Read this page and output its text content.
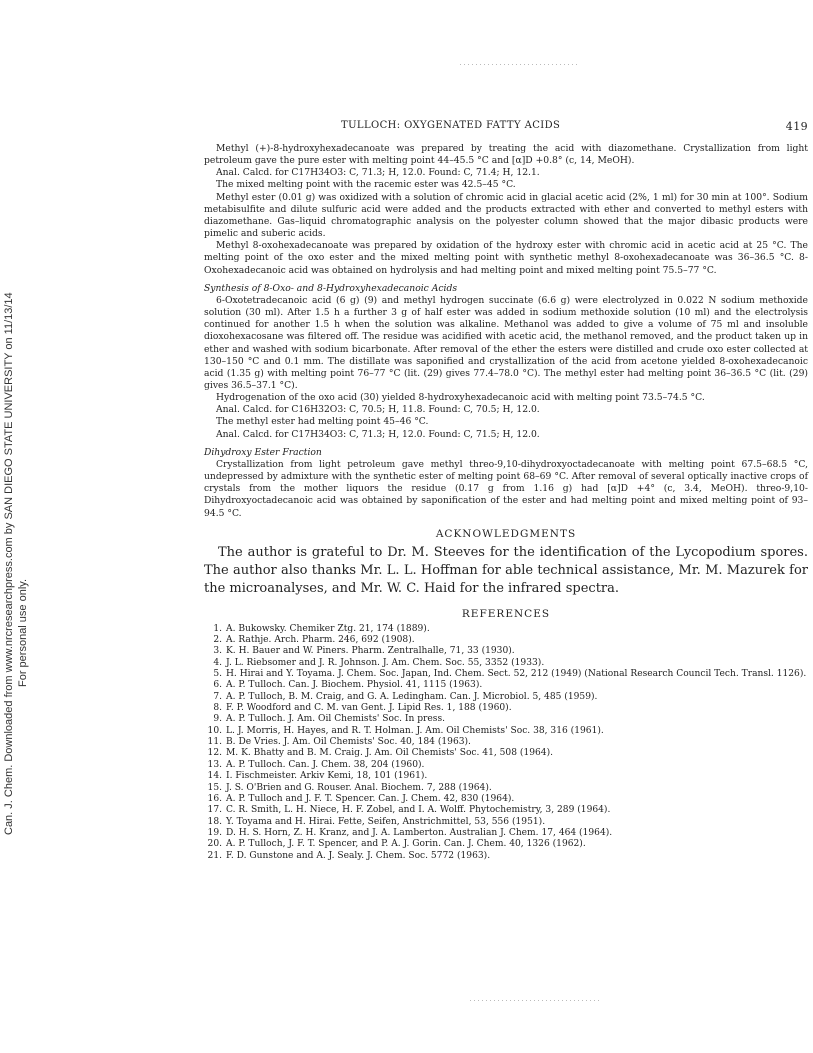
Can. J. Chem. Downloaded from www.nrcresearchpress.com by SAN DIEGO STATE UNIVERSITY on 11/13/14 For personal use only.
TULLOCH: OXYGENATED FATTY ACIDS	419

Methyl (+)-8-hydroxyhexadecanoate was prepared by treating the acid with diazomethane. Crystallization from light petroleum gave the pure ester with melting point 44–45.5 °C and [α]D +0.8° (c, 14, MeOH).

Anal. Calcd. for C17H34O3: C, 71.3; H, 12.0. Found: C, 71.4; H, 12.1.

The mixed melting point with the racemic ester was 42.5–45 °C.

Methyl ester (0.01 g) was oxidized with a solution of chromic acid in glacial acetic acid (2%, 1 ml) for 30 min at 100°. Sodium metabisulfite and dilute sulfuric acid were added and the products extracted with ether and converted to methyl esters with diazomethane. Gas–liquid chromatographic analysis on the polyester column showed that the major dibasic products were pimelic and suberic acids.

Methyl 8-oxohexadecanoate was prepared by oxidation of the hydroxy ester with chromic acid in acetic acid at 25 °C. The melting point of the oxo ester and the mixed melting point with synthetic methyl 8-oxohexadecanoate was 36–36.5 °C. 8-Oxohexadecanoic acid was obtained on hydrolysis and had melting point and mixed melting point 75.5–77 °C.

Synthesis of 8-Oxo- and 8-Hydroxyhexadecanoic Acids

6-Oxotetradecanoic acid (6 g) (9) and methyl hydrogen succinate (6.6 g) were electrolyzed in 0.022 N sodium methoxide solution (30 ml). After 1.5 h a further 3 g of half ester was added in sodium methoxide solution (10 ml) and the electrolysis continued for another 1.5 h when the solution was alkaline. Methanol was added to give a volume of 75 ml and insoluble dioxohexacosane was filtered off. The residue was acidified with acetic acid, the methanol removed, and the product taken up in ether and washed with sodium bicarbonate. After removal of the ether the esters were distilled and crude oxo ester collected at 130–150 °C and 0.1 mm. The distillate was saponified and crystallization of the acid from acetone yielded 8-oxohexadecanoic acid (1.35 g) with melting point 76–77 °C (lit. (29) gives 77.4–78.0 °C). The methyl ester had melting point 36–36.5 °C (lit. (29) gives 36.5–37.1 °C).

Hydrogenation of the oxo acid (30) yielded 8-hydroxyhexadecanoic acid with melting point 73.5–74.5 °C.

Anal. Calcd. for C16H32O3: C, 70.5; H, 11.8. Found: C, 70.5; H, 12.0.

The methyl ester had melting point 45–46 °C.

Anal. Calcd. for C17H34O3: C, 71.3; H, 12.0. Found: C, 71.5; H, 12.0.

Dihydroxy Ester Fraction

Crystallization from light petroleum gave methyl threo-9,10-dihydroxyoctadecanoate with melting point 67.5–68.5 °C, undepressed by admixture with the synthetic ester of melting point 68–69 °C. After removal of several optically inactive crops of crystals from the mother liquors the residue (0.17 g from 1.16 g) had [α]D +4° (c, 3.4, MeOH). threo-9,10-Dihydroxyoctadecanoic acid was obtained by saponification of the ester and had melting point and mixed melting point of 93–94.5 °C.

ACKNOWLEDGMENTS
The author is grateful to Dr. M. Steeves for the identification of the Lycopodium spores. The author also thanks Mr. L. L. Hoffman for able technical assistance, Mr. M. Mazurek for the microanalyses, and Mr. W. C. Haid for the infrared spectra.
REFERENCES
1. A. Bukowsky. Chemiker Ztg. 21, 174 (1889).
2. A. Rathje. Arch. Pharm. 246, 692 (1908).
3. K. H. Bauer and W. Piners. Pharm. Zentralhalle, 71, 33 (1930).
4. J. L. Riebsomer and J. R. Johnson. J. Am. Chem. Soc. 55, 3352 (1933).
5. H. Hirai and Y. Toyama. J. Chem. Soc. Japan, Ind. Chem. Sect. 52, 212 (1949) (National Research Council Tech. Transl. 1126).
6. A. P. Tulloch. Can. J. Biochem. Physiol. 41, 1115 (1963).
7. A. P. Tulloch, B. M. Craig, and G. A. Ledingham. Can. J. Microbiol. 5, 485 (1959).
8. F. P. Woodford and C. M. van Gent. J. Lipid Res. 1, 188 (1960).
9. A. P. Tulloch. J. Am. Oil Chemists' Soc. In press.
10. L. J. Morris, H. Hayes, and R. T. Holman. J. Am. Oil Chemists' Soc. 38, 316 (1961).
11. B. De Vries. J. Am. Oil Chemists' Soc. 40, 184 (1963).
12. M. K. Bhatty and B. M. Craig. J. Am. Oil Chemists' Soc. 41, 508 (1964).
13. A. P. Tulloch. Can. J. Chem. 38, 204 (1960).
14. I. Fischmeister. Arkiv Kemi, 18, 101 (1961).
15. J. S. O'Brien and G. Rouser. Anal. Biochem. 7, 288 (1964).
16. A. P. Tulloch and J. F. T. Spencer. Can. J. Chem. 42, 830 (1964).
17. C. R. Smith, L. H. Niece, H. F. Zobel, and I. A. Wolff. Phytochemistry, 3, 289 (1964).
18. Y. Toyama and H. Hirai. Fette, Seifen, Anstrichmittel, 53, 556 (1951).
19. D. H. S. Horn, Z. H. Kranz, and J. A. Lamberton. Australian J. Chem. 17, 464 (1964).
20. A. P. Tulloch, J. F. T. Spencer, and P. A. J. Gorin. Can. J. Chem. 40, 1326 (1962).
21. F. D. Gunstone and A. J. Sealy. J. Chem. Soc. 5772 (1963).
